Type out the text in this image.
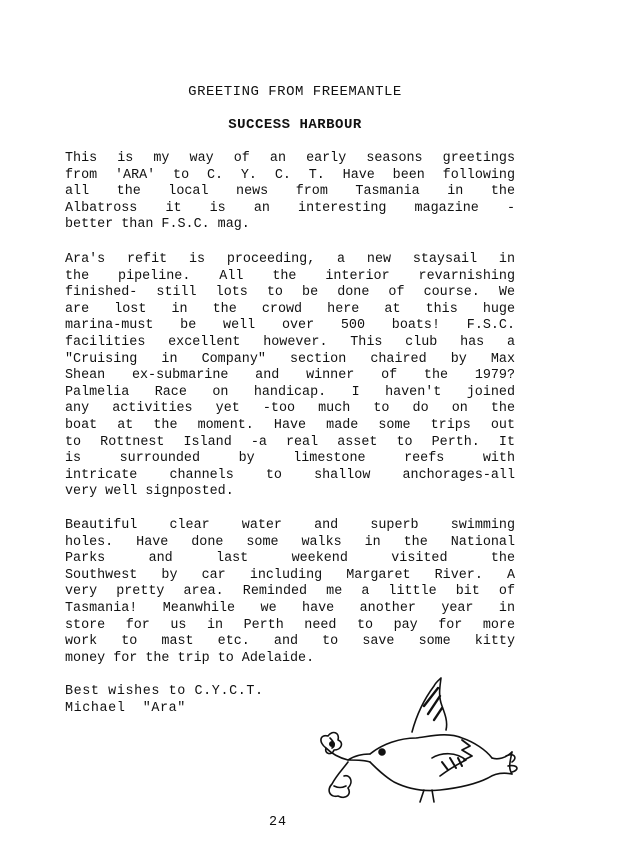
GREETING FROM FREEMANTLE
SUCCESS HARBOUR

This is my way of an early seasons greetings
from 'ARA' to C. Y. C. T. Have been following
all the local news from Tasmania in the
Albatross it is an interesting magazine -
better than F.S.C. mag.

Ara's refit is proceeding, a new staysail in
the pipeline. All the interior revarnishing
finished- still lots to be done of course. We
are lost in the crowd here at this huge
marina-must be well over 500 boats! F.S.C.
facilities excellent however. This club has a
"Cruising in Company" section chaired by Max
Shean ex-submarine and winner of the 1979?
Palmelia Race on handicap. I haven't joined
any activities yet -too much to do on the
boat at the moment. Have made some trips out
to Rottnest Island -a real asset to Perth. It
is surrounded by limestone reefs with
intricate channels to shallow anchorages-all
very well signposted.

Beautiful clear water and superb swimming
holes. Have done some walks in the National
Parks and last weekend visited the
Southwest by car including Margaret River. A
very pretty area. Reminded me a little bit of
Tasmania! Meanwhile we have another year in
store for us in Perth need to pay for more
work to mast etc. and to save some kitty
money for the trip to Adelaide.

Best wishes to C.Y.C.T.
Michael  "Ara"
24
